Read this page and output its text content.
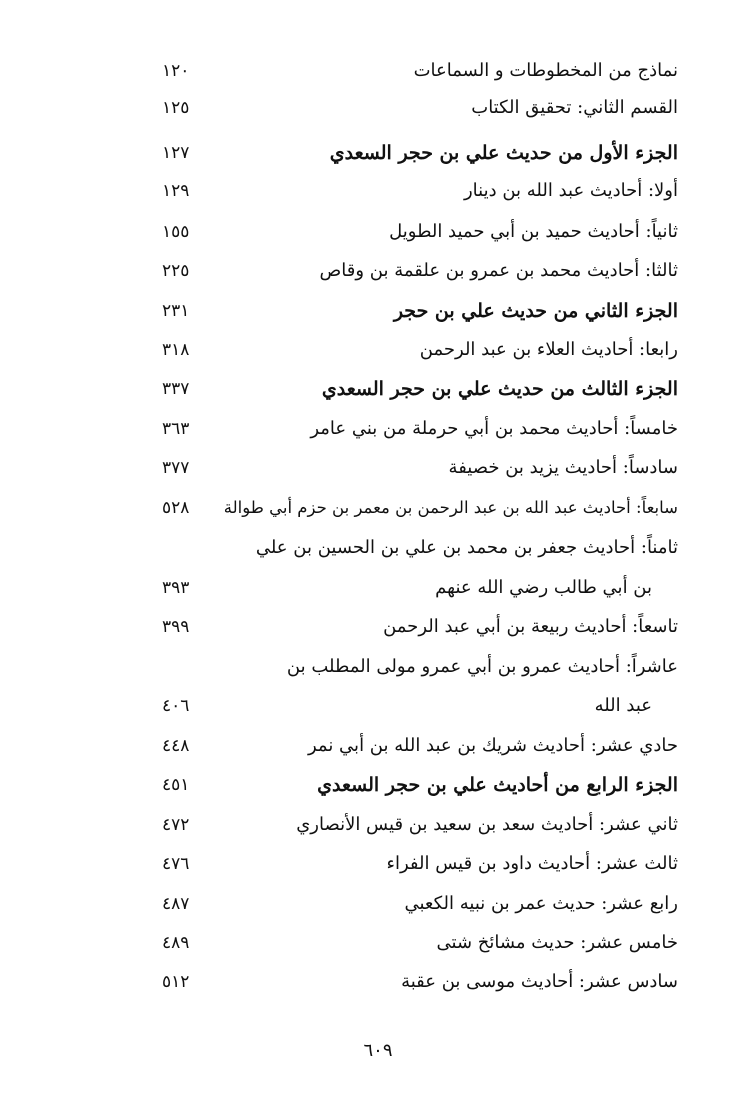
نماذج من المخطوطات و السماعات
١٢٠
القسم الثاني: تحقيق الكتاب
١٢٥
الجزء الأول من حديث علي بن حجر السعدي
١٢٧
أولا: أحاديث عبد الله بن دينار
١٢٩
ثانياً: أحاديث حميد بن أبي حميد الطويل
١٥٥
ثالثا: أحاديث محمد بن عمرو بن علقمة بن وقاص
٢٢٥
الجزء الثاني من حديث علي بن حجر
٢٣١
رابعا: أحاديث العلاء بن عبد الرحمن
٣١٨
الجزء الثالث من حديث علي بن حجر السعدي
٣٣٧
خامساً: أحاديث محمد بن أبي حرملة من بني عامر
٣٦٣
سادساً: أحاديث يزيد بن خصيفة
٣٧٧
سابعاً: أحاديث عبد الله بن عبد الرحمن بن معمر بن حزم أبي طوالة
٥٢٨
ثامناً: أحاديث جعفر بن محمد بن علي بن الحسين بن علي
بن أبي طالب رضي الله عنهم
٣٩٣
تاسعاً: أحاديث ربيعة بن أبي عبد الرحمن
٣٩٩
عاشراً: أحاديث عمرو بن أبي عمرو مولى المطلب بن
عبد الله
٤٠٦
حادي عشر: أحاديث شريك بن عبد الله بن أبي نمر
٤٤٨
الجزء الرابع من أحاديث علي بن حجر السعدي
٤٥١
ثاني عشر: أحاديث سعد بن سعيد بن قيس الأنصاري
٤٧٢
ثالث عشر: أحاديث داود بن قيس الفراء
٤٧٦
رابع عشر: حديث عمر بن نبيه الكعبي
٤٨٧
خامس عشر: حديث مشائخ شتى
٤٨٩
سادس عشر: أحاديث موسى بن عقبة
٥١٢
٦٠٩
